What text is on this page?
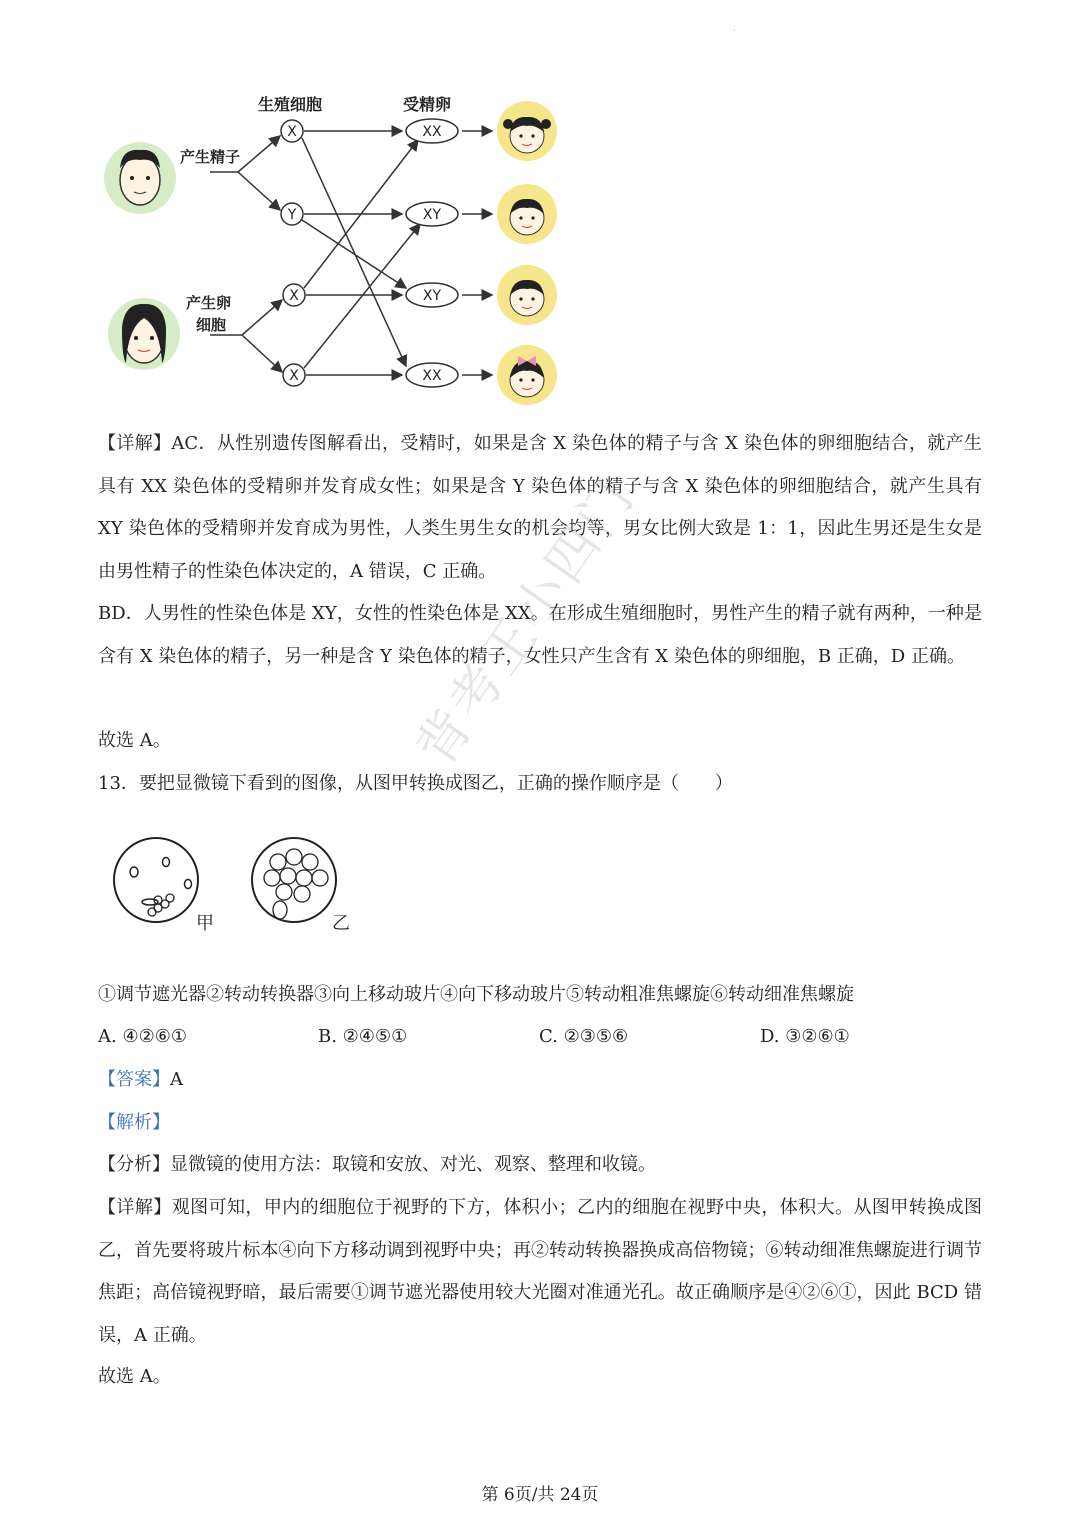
.
生殖细胞	受精卵
产生精子
产生卵
细胞
X
Y
X
X
XX
XY
XY
XX

【详解】AC．从性别遗传图解看出，受精时，如果是含 X 染色体的精子与含 X 染色体的卵细胞结合，就产生具有 XX 染色体的受精卵并发育成女性；如果是含 Y 染色体的精子与含 X 染色体的卵细胞结合，就产生具有 XY 染色体的受精卵并发育成为男性，人类生男生女的机会均等，男女比例大致是 1：1，因此生男还是生女是由男性精子的性染色体决定的，A 错误，C 正确。

BD．人男性的性染色体是 XY，女性的性染色体是 XX。在形成生殖细胞时，男性产生的精子就有两种，一种是含有 X 染色体的精子，另一种是含 Y 染色体的精子，女性只产生含有 X 染色体的卵细胞，B 正确，D 正确。

故选 A。

13．要把显微镜下看到的图像，从图甲转换成图乙，正确的操作顺序是（　　）

甲	乙

①调节遮光器②转动转换器③向上移动玻片④向下移动玻片⑤转动粗准焦螺旋⑥转动细准焦螺旋

A. ④②⑥①	B. ②④⑤①	C. ②③⑤⑥	D. ③②⑥①

【答案】A

【解析】

【分析】显微镜的使用方法：取镜和安放、对光、观察、整理和收镜。

【详解】观图可知，甲内的细胞位于视野的下方，体积小；乙内的细胞在视野中央，体积大。从图甲转换成图乙，首先要将玻片标本④向下方移动调到视野中央；再②转动转换器换成高倍物镜；⑥转动细准焦螺旋进行调节焦距；高倍镜视野暗，最后需要①调节遮光器使用较大光圈对准通光孔。故正确顺序是④②⑥①，因此 BCD 错误，A 正确。

故选 A。

背考王小四门
第 6页/共 24页
